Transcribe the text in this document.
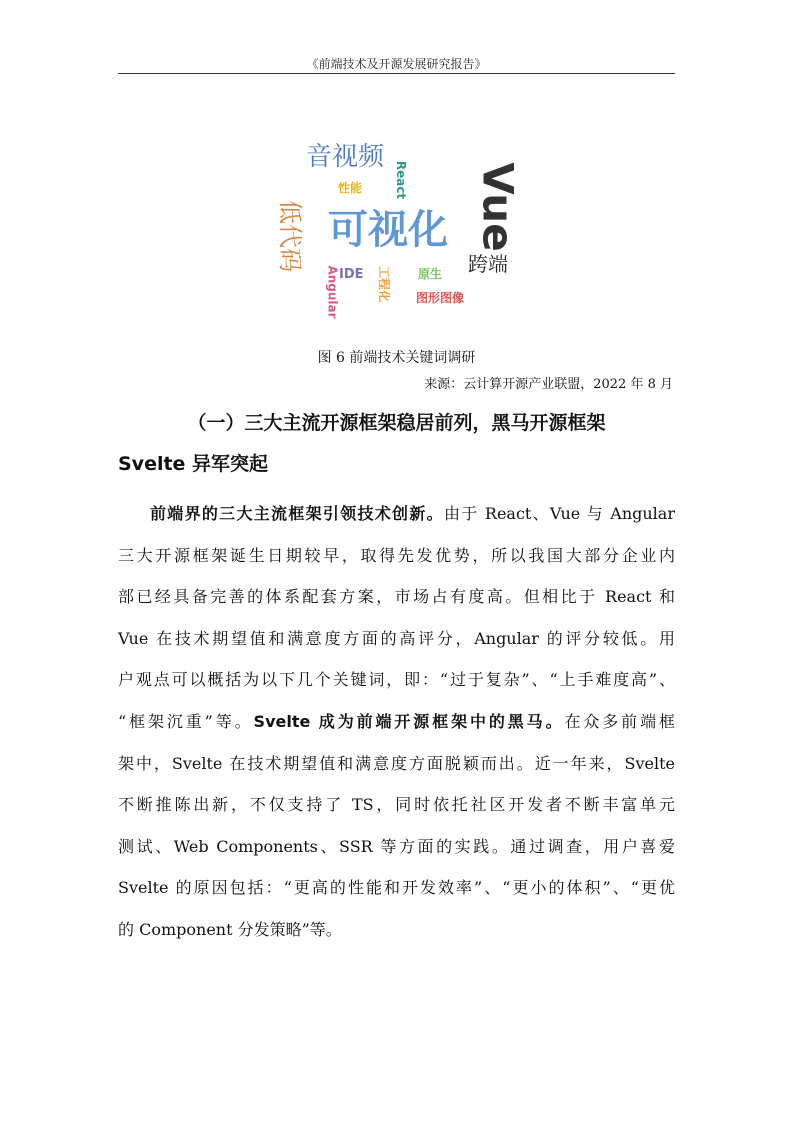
《前端技术及开源发展研究报告》
音视频
Vue
React
性能
低代码 可视化
跨端
IDE
Angular	工程化 原生
图形图像
图 6 前端技术关键词调研
来源：云计算开源产业联盟，2022 年 8 月
（一）三大主流开源框架稳居前列，黑马开源框架
Svelte 异军突起
前端界的三大主流框架引领技术创新。由于 React、Vue 与 Angular
三大开源框架诞生日期较早，取得先发优势，所以我国大部分企业内
部已经具备完善的体系配套方案，市场占有度高。但相比于 React 和
Vue 在技术期望值和满意度方面的高评分，Angular 的评分较低。用
户观点可以概括为以下几个关键词，即：“过于复杂”、“上手难度高”、
“框架沉重”等。Svelte 成为前端开源框架中的黑马。在众多前端框
架中，Svelte 在技术期望值和满意度方面脱颖而出。近一年来，Svelte
不断推陈出新，不仅支持了 TS，同时依托社区开发者不断丰富单元
测试、Web Components、SSR 等方面的实践。通过调查，用户喜爱
Svelte 的原因包括：“更高的性能和开发效率”、“更小的体积”、“更优
的 Component 分发策略”等。
